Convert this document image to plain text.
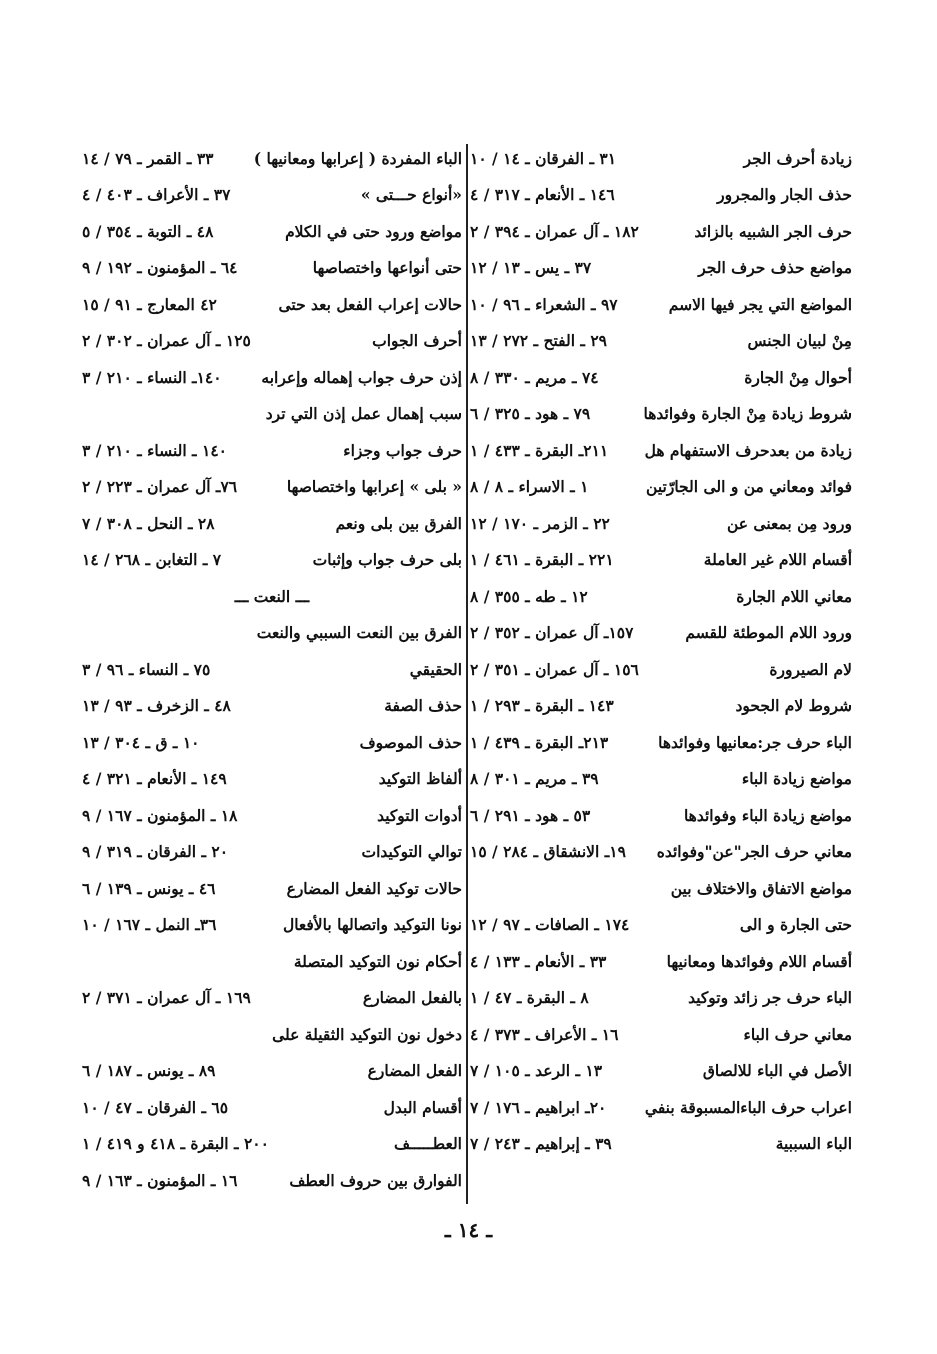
زيادة أحرف الجر
٣١ ـ الفرقان ـ ١٤ / ١٠
حذف الجار والمجرور
١٤٦ ـ الأنعام ـ ٣١٧ / ٤
حرف الجر الشبيه بالزائد
١٨٢ ـ آل عمران ـ ٣٩٤ / ٢
مواضع حذف حرف الجر
٣٧ ـ يس ـ ١٣ / ١٢
المواضع التي يجر فيها الاسم
٩٧ ـ الشعراء ـ ٩٦ / ١٠
مِنْ لبيان الجنس
٢٩ ـ الفتح ـ ٢٧٢ / ١٣
أحوال مِنْ الجارة
٧٤ ـ مريم ـ ٣٣٠ / ٨
شروط زيادة مِنْ الجارة وفوائدها
٧٩ ـ هود ـ ٣٢٥ / ٦
زيادة من بعدحرف الاستفهام هل
٢١١ـ البقرة ـ ٤٣٣ / ١
فوائد ومعاني من و الى الجارّتين
١ ـ الاسراء ـ ٨ / ٨
ورود مِن بمعنى عن
٢٢ ـ الزمر ـ ١٧٠ / ١٢
أقسام اللام غير العاملة
٢٢١ ـ البقرة ـ ٤٦١ / ١
معاني اللام الجارة
١٢ ـ طه ـ ٣٥٥ / ٨
ورود اللام الموطئة للقسم
١٥٧ـ آل عمران ـ ٣٥٢ / ٢
لام الصيرورة
١٥٦ ـ آل عمران ـ ٣٥١ / ٢
شروط لام الجحود
١٤٣ ـ البقرة ـ ٢٩٣ / ١
الباء حرف جر:معانيها وفوائدها
٢١٣ـ البقرة ـ ٤٣٩ / ١
مواضع زيادة الباء
٣٩ ـ مريم ـ ٣٠١ / ٨
مواضع زيادة الباء وفوائدها
٥٣ ـ هود ـ ٢٩١ / ٦
معاني حرف الجر"عن"وفوائده
١٩ـ الانشقاق ـ ٢٨٤ / ١٥
مواضع الاتفاق والاختلاف بين
حتى الجارة و الى
١٧٤ ـ الصافات ـ ٩٧ / ١٢
أقسام اللام وفوائدها ومعانيها
٣٣ ـ الأنعام ـ ١٣٣ / ٤
الباء حرف جر زائد وتوكيد
٨ ـ البقرة ـ ٤٧ / ١
معاني حرف الباء
١٦ ـ الأعراف ـ ٣٧٣ / ٤
الأصل في الباء للالصاق
١٣ ـ الرعد ـ ١٠٥ / ٧
اعراب حرف الباءالمسبوقة بنفي
٢٠ـ ابراهيم ـ ١٧٦ / ٧
الباء السببية
٣٩ ـ إبراهيم ـ ٢٤٣ / ٧
الباء المفردة ( إعرابها ومعانيها )
٣٣ ـ القمر ـ ٧٩ / ١٤
«أنواع حـــتى »
٣٧ ـ الأعراف ـ ٤٠٣ / ٤
مواضع ورود حتى في الكلام
٤٨ ـ التوبة ـ ٣٥٤ / ٥
حتى أنواعها واختصاصها
٦٤ ـ المؤمنون ـ ١٩٢ / ٩
حالات إعراب الفعل بعد حتى
٤٢ المعارج ـ ٩١ / ١٥
أحرف الجواب
١٢٥ ـ آل عمران ـ ٣٠٢ / ٢
إذن حرف جواب إهماله وإعرابه
١٤٠ـ النساء ـ ٢١٠ / ٣
سبب إهمال عمل إذن التي ترد
حرف جواب وجزاء
١٤٠ ـ النساء ـ ٢١٠ / ٣
« بلى » إعرابها واختصاصها
٧٦ـ آل عمران ـ ٢٢٣ / ٢
الفرق بين بلى ونعم
٢٨ ـ النحل ـ ٣٠٨ / ٧
بلى حرف جواب وإثبات
٧ ـ التغابن ـ ٢٦٨ / ١٤
ـــ النعت ـــ
الفرق بين النعت السببي والنعت
الحقيقي
٧٥ ـ النساء ـ ٩٦ / ٣
حذف الصفة
٤٨ ـ الزخرف ـ ٩٣ / ١٣
حذف الموصوف
١٠ ـ ق ـ ٣٠٤ / ١٣
ألفاظ التوكيد
١٤٩ ـ الأنعام ـ ٣٢١ / ٤
أدوات التوكيد
١٨ ـ المؤمنون ـ ١٦٧ / ٩
توالي التوكيدات
٢٠ ـ الفرقان ـ ٣١٩ / ٩
حالات توكيد الفعل المضارع
٤٦ ـ يونس ـ ١٣٩ / ٦
نونا التوكيد واتصالها بالأفعال
٣٦ـ النمل ـ ١٦٧ / ١٠
أحكام نون التوكيد المتصلة
بالفعل المضارع
١٦٩ ـ آل عمران ـ ٣٧١ / ٢
دخول نون التوكيد الثقيلة على
الفعل المضارع
٨٩ ـ يونس ـ ١٨٧ / ٦
أقسام البدل
٦٥ ـ الفرقان ـ ٤٧ / ١٠
العطـــــف
٢٠٠ ـ البقرة ـ ٤١٨ و ٤١٩ / ١
الفوارق بين حروف العطف
١٦ ـ المؤمنون ـ ١٦٣ / ٩
ـ ١٤ ـ
